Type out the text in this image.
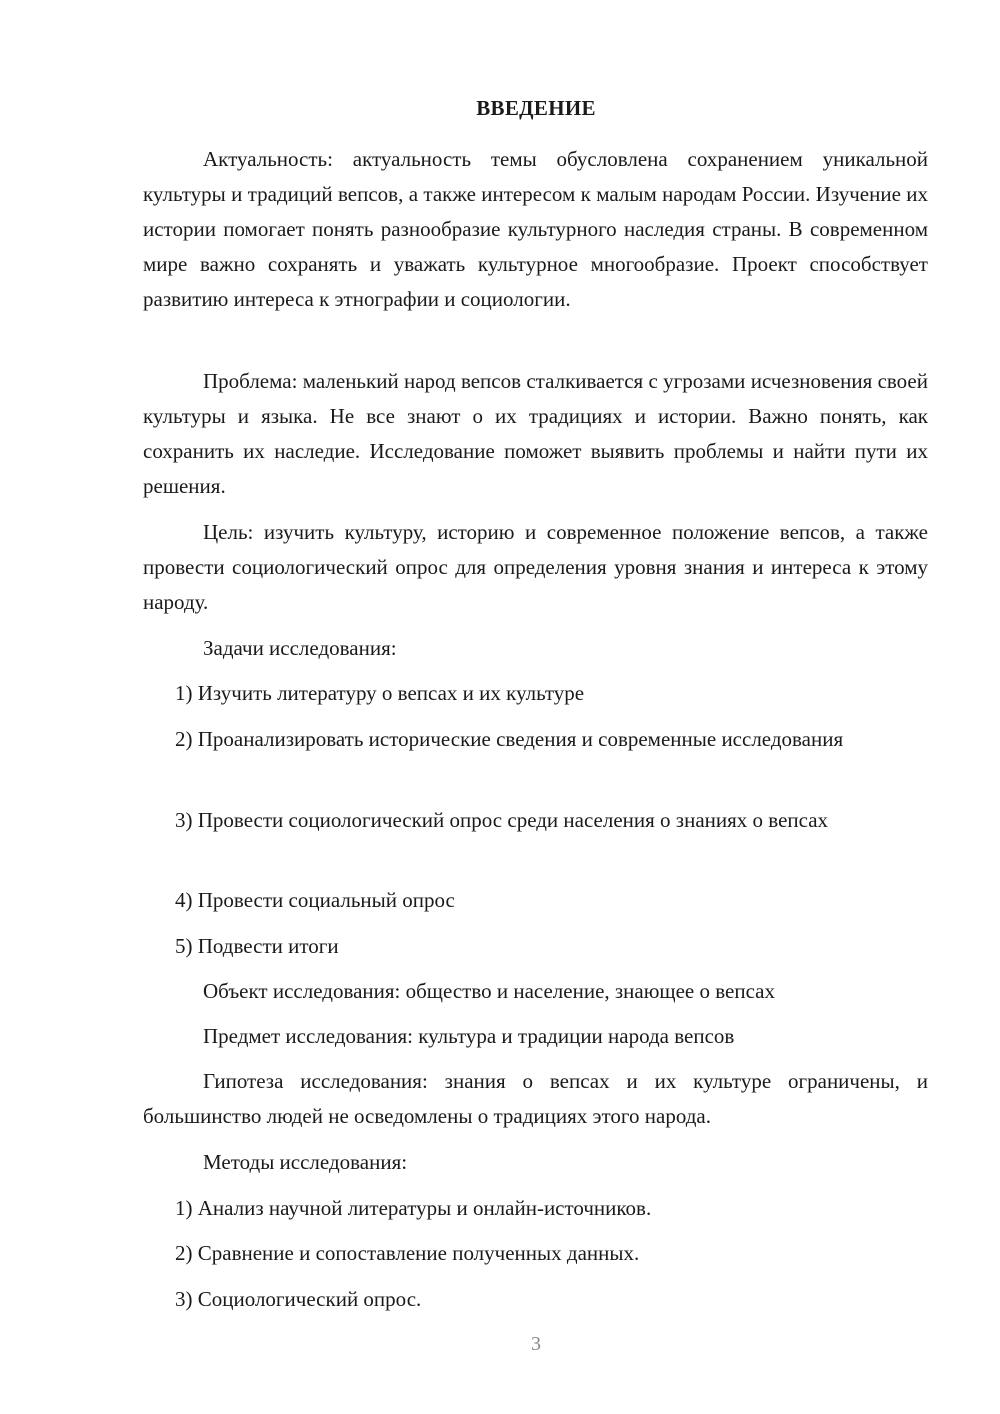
ВВЕДЕНИЕ

Актуальность: актуальность темы обусловлена сохранением уникальной культуры и традиций вепсов, а также интересом к малым народам России. Изучение их истории помогает понять разнообразие культурного наследия страны. В современном мире важно сохранять и уважать культурное многообразие. Проект способствует развитию интереса к этнографии и социологии.

Проблема: маленький народ вепсов сталкивается с угрозами исчезновения своей культуры и языка. Не все знают о их традициях и истории. Важно понять, как сохранить их наследие. Исследование поможет выявить проблемы и найти пути их решения.

Цель: изучить культуру, историю и современное положение вепсов, а также провести социологический опрос для определения уровня знания и интереса к этому народу.

Задачи исследования:

1) Изучить литературу о вепсах и их культуре

2) Проанализировать исторические сведения и современные исследования

3) Провести социологический опрос среди населения о знаниях о вепсах

4) Провести социальный опрос

5) Подвести итоги

Объект исследования: общество и население, знающее о вепсах

Предмет исследования: культура и традиции народа вепсов

Гипотеза исследования: знания о вепсах и их культуре ограничены, и большинство людей не осведомлены о традициях этого народа.

Методы исследования:

1) Анализ научной литературы и онлайн-источников.

2) Сравнение и сопоставление полученных данных.

3) Социологический опрос.

3
